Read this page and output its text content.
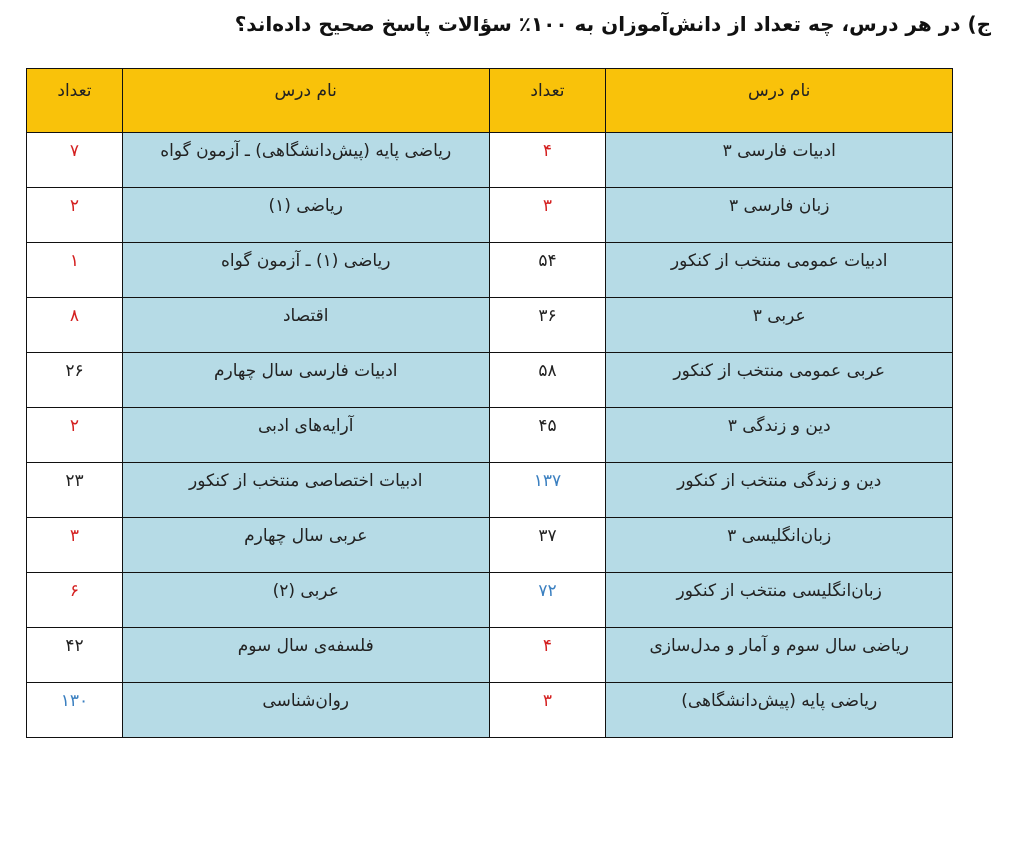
ج) در هر درس، چه تعداد از دانش‌آموزان به ۱۰۰٪ سؤالات پاسخ صحیح داده‌اند؟
نام درس	تعداد	نام درس	تعداد
ادبیات فارسی ۳	۴	ریاضی پایه (پیش‌دانشگاهی) ـ آزمون گواه	۷
زبان فارسی ۳	۳	ریاضی (۱)	۲
ادبیات عمومی منتخب از کنکور	۵۴	ریاضی (۱) ـ آزمون گواه	۱
عربی ۳	۳۶	اقتصاد	۸
عربی عمومی منتخب از کنکور	۵۸	ادبیات فارسی سال چهارم	۲۶
دین و زندگی ۳	۴۵	آرایه‌های ادبی	۲
دین و زندگی منتخب از کنکور	۱۳۷	ادبیات اختصاصی منتخب از کنکور	۲۳
زبان‌انگلیسی ۳	۳۷	عربی سال چهارم	۳
زبان‌انگلیسی منتخب از کنکور	۷۲	عربی (۲)	۶
ریاضی سال سوم و آمار و مدل‌سازی	۴	فلسفه‌ی سال سوم	۴۲
ریاضی پایه (پیش‌دانشگاهی)	۳	روان‌شناسی	۱۳۰
